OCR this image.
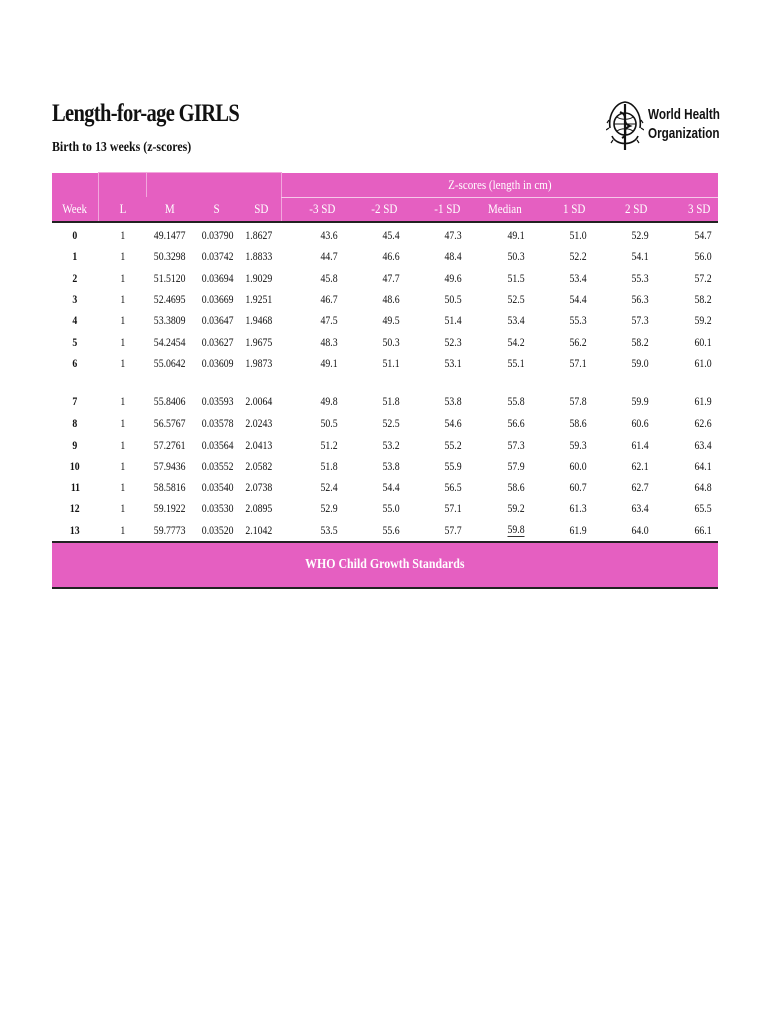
Length-for-age GIRLS
Birth to 13 weeks (z-scores)
World Health
Organization
					Z-scores (length in cm)						
Week	L	M	S	SD	-3 SD	-2 SD	-1 SD	Median	1 SD	2 SD	3 SD
0	1	49.1477	0.03790	1.8627	43.6	45.4	47.3	49.1	51.0	52.9	54.7
1	1	50.3298	0.03742	1.8833	44.7	46.6	48.4	50.3	52.2	54.1	56.0
2	1	51.5120	0.03694	1.9029	45.8	47.7	49.6	51.5	53.4	55.3	57.2
3	1	52.4695	0.03669	1.9251	46.7	48.6	50.5	52.5	54.4	56.3	58.2
4	1	53.3809	0.03647	1.9468	47.5	49.5	51.4	53.4	55.3	57.3	59.2
5	1	54.2454	0.03627	1.9675	48.3	50.3	52.3	54.2	56.2	58.2	60.1
6	1	55.0642	0.03609	1.9873	49.1	51.1	53.1	55.1	57.1	59.0	61.0
7	1	55.8406	0.03593	2.0064	49.8	51.8	53.8	55.8	57.8	59.9	61.9
8	1	56.5767	0.03578	2.0243	50.5	52.5	54.6	56.6	58.6	60.6	62.6
9	1	57.2761	0.03564	2.0413	51.2	53.2	55.2	57.3	59.3	61.4	63.4
10	1	57.9436	0.03552	2.0582	51.8	53.8	55.9	57.9	60.0	62.1	64.1
11	1	58.5816	0.03540	2.0738	52.4	54.4	56.5	58.6	60.7	62.7	64.8
12	1	59.1922	0.03530	2.0895	52.9	55.0	57.1	59.2	61.3	63.4	65.5
13	1	59.7773	0.03520	2.1042	53.5	55.6	57.7	59.8	61.9	64.0	66.1
WHO Child Growth Standards
